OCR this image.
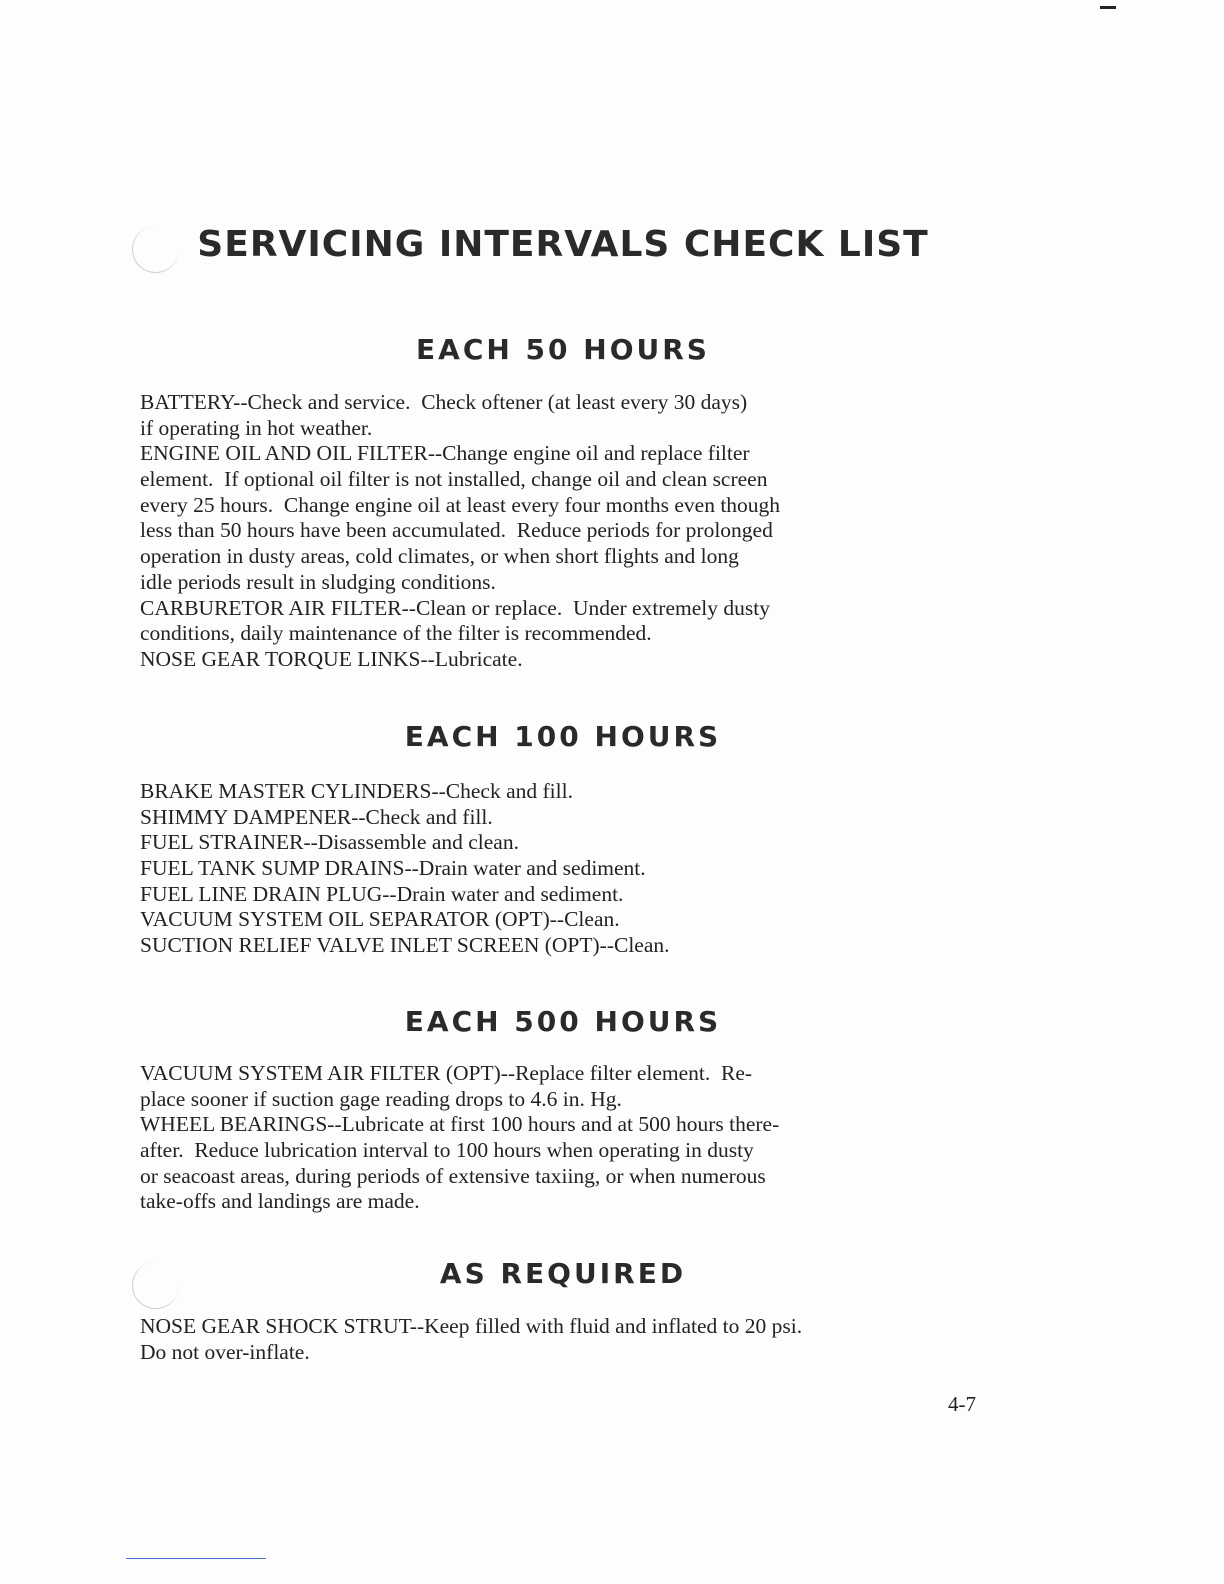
SERVICING INTERVALS CHECK LIST
EACH 50 HOURS
BATTERY--Check and service.  Check oftener (at least every 30 days)
if operating in hot weather.
ENGINE OIL AND OIL FILTER--Change engine oil and replace filter
element.  If optional oil filter is not installed, change oil and clean screen
every 25 hours.  Change engine oil at least every four months even though
less than 50 hours have been accumulated.  Reduce periods for prolonged
operation in dusty areas, cold climates, or when short flights and long
idle periods result in sludging conditions.
CARBURETOR AIR FILTER--Clean or replace.  Under extremely dusty
conditions, daily maintenance of the filter is recommended.
NOSE GEAR TORQUE LINKS--Lubricate.
EACH 100 HOURS
BRAKE MASTER CYLINDERS--Check and fill.
SHIMMY DAMPENER--Check and fill.
FUEL STRAINER--Disassemble and clean.
FUEL TANK SUMP DRAINS--Drain water and sediment.
FUEL LINE DRAIN PLUG--Drain water and sediment.
VACUUM SYSTEM OIL SEPARATOR (OPT)--Clean.
SUCTION RELIEF VALVE INLET SCREEN (OPT)--Clean.
EACH 500 HOURS
VACUUM SYSTEM AIR FILTER (OPT)--Replace filter element.  Re-
place sooner if suction gage reading drops to 4.6 in. Hg.
WHEEL BEARINGS--Lubricate at first 100 hours and at 500 hours there-
after.  Reduce lubrication interval to 100 hours when operating in dusty
or seacoast areas, during periods of extensive taxiing, or when numerous
take-offs and landings are made.
AS REQUIRED
NOSE GEAR SHOCK STRUT--Keep filled with fluid and inflated to 20 psi.
Do not over-inflate.
4-7
